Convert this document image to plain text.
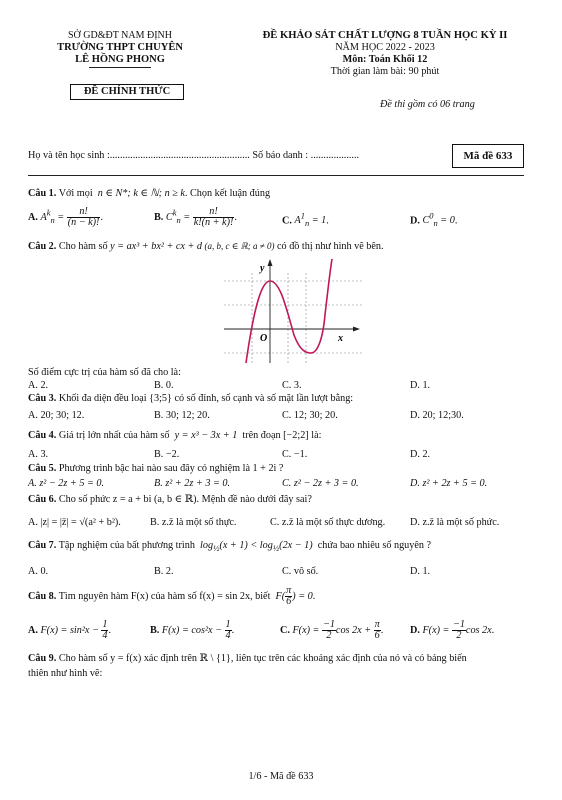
SỞ GD&ĐT NAM ĐỊNH
TRƯỜNG THPT CHUYÊN
LÊ HỒNG PHONG
ĐỀ CHÍNH THỨC
ĐỀ KHẢO SÁT CHẤT LƯỢNG 8 TUẦN HỌC KỲ II
NĂM HỌC 2022 - 2023
Môn: Toán Khối 12
Thời gian làm bài: 90 phút
Đề thi gồm có 06 trang
Họ và tên học sinh :....................................................... Số báo danh : ...................	Mã đề 633
Câu 1. Với mọi  n ∈ N*; k ∈ ℕ; n ≥ k. Chọn kết luận đúng
A. $A^k_n = \frac{n!}{(n - k)!}$ .	B. $C^k_n = \frac{n!}{k!(n + k)!}$ .	C. $A^1_n = 1$.	D. $C^0_n = 0$.
Câu 2. Cho hàm số y = ax³ + bx² + cx + d (a, b, c ∈ ℝ; a ≠ 0) có đồ thị như hình vẽ bên.
y
x
O
Số điểm cực trị của hàm số đã cho là:
A. 2.	B. 0.	C. 3.	D. 1.
Câu 3. Khối đa diện đều loại {3;5} có số đỉnh, số cạnh và số mặt lần lượt bằng:
A. 20; 30; 12.	B. 30; 12; 20.	C. 12; 30; 20.	D. 20; 12;30.
Câu 4. Giá trị lớn nhất của hàm số  y = x³ − 3x + 1  trên đoạn [−2;2] là:
A. 3.	B. −2.	C. −1.	D. 2.
Câu 5. Phương trình bậc hai nào sau đây có nghiệm là 1 + 2i ?
A. z² − 2z + 5 = 0.	B. z² + 2z + 3 = 0.	C. z² − 2z + 3 = 0.	D. z² + 2z + 5 = 0.
Câu 6. Cho số phức z = a + bi (a, b ∈ ℝ). Mệnh đề nào dưới đây sai?
A. |z| = |z̄| = √(a² + b²).	B. z.z̄ là một số thực.	C. z.z̄ là một số thực dương. D. z.z̄ là một số phức.
Câu 7. Tập nghiệm của bất phương trình  $\log_{\frac{1}{2}}(x + 1) < \log_{\frac{1}{2}}(2x - 1)$  chứa bao nhiêu số nguyên ?
A. 0.	B. 2.	C. vô số.	D. 1.
Câu 8. Tìm nguyên hàm F(x) của hàm số f(x) = sin 2x, biết  $F( \frac{\pi}{6}$ ) = 0.
A. $F(x) = \sin^2x - \frac{1}{4}$ .	B. $F(x) = \cos^2x - \frac{1}{4}$ .	C. $F(x) = \frac{-1}{2}$ $\cos 2x + \frac{\pi}{6}$ .	D. $F(x) = \frac{-1}{2}$ cos 2x.
Câu 9. Cho hàm số y = f(x) xác định trên ℝ \ {1}, liên tục trên các khoảng xác định của nó và có bảng biến
thiên như hình vẽ:
1/6 - Mã đề 633
